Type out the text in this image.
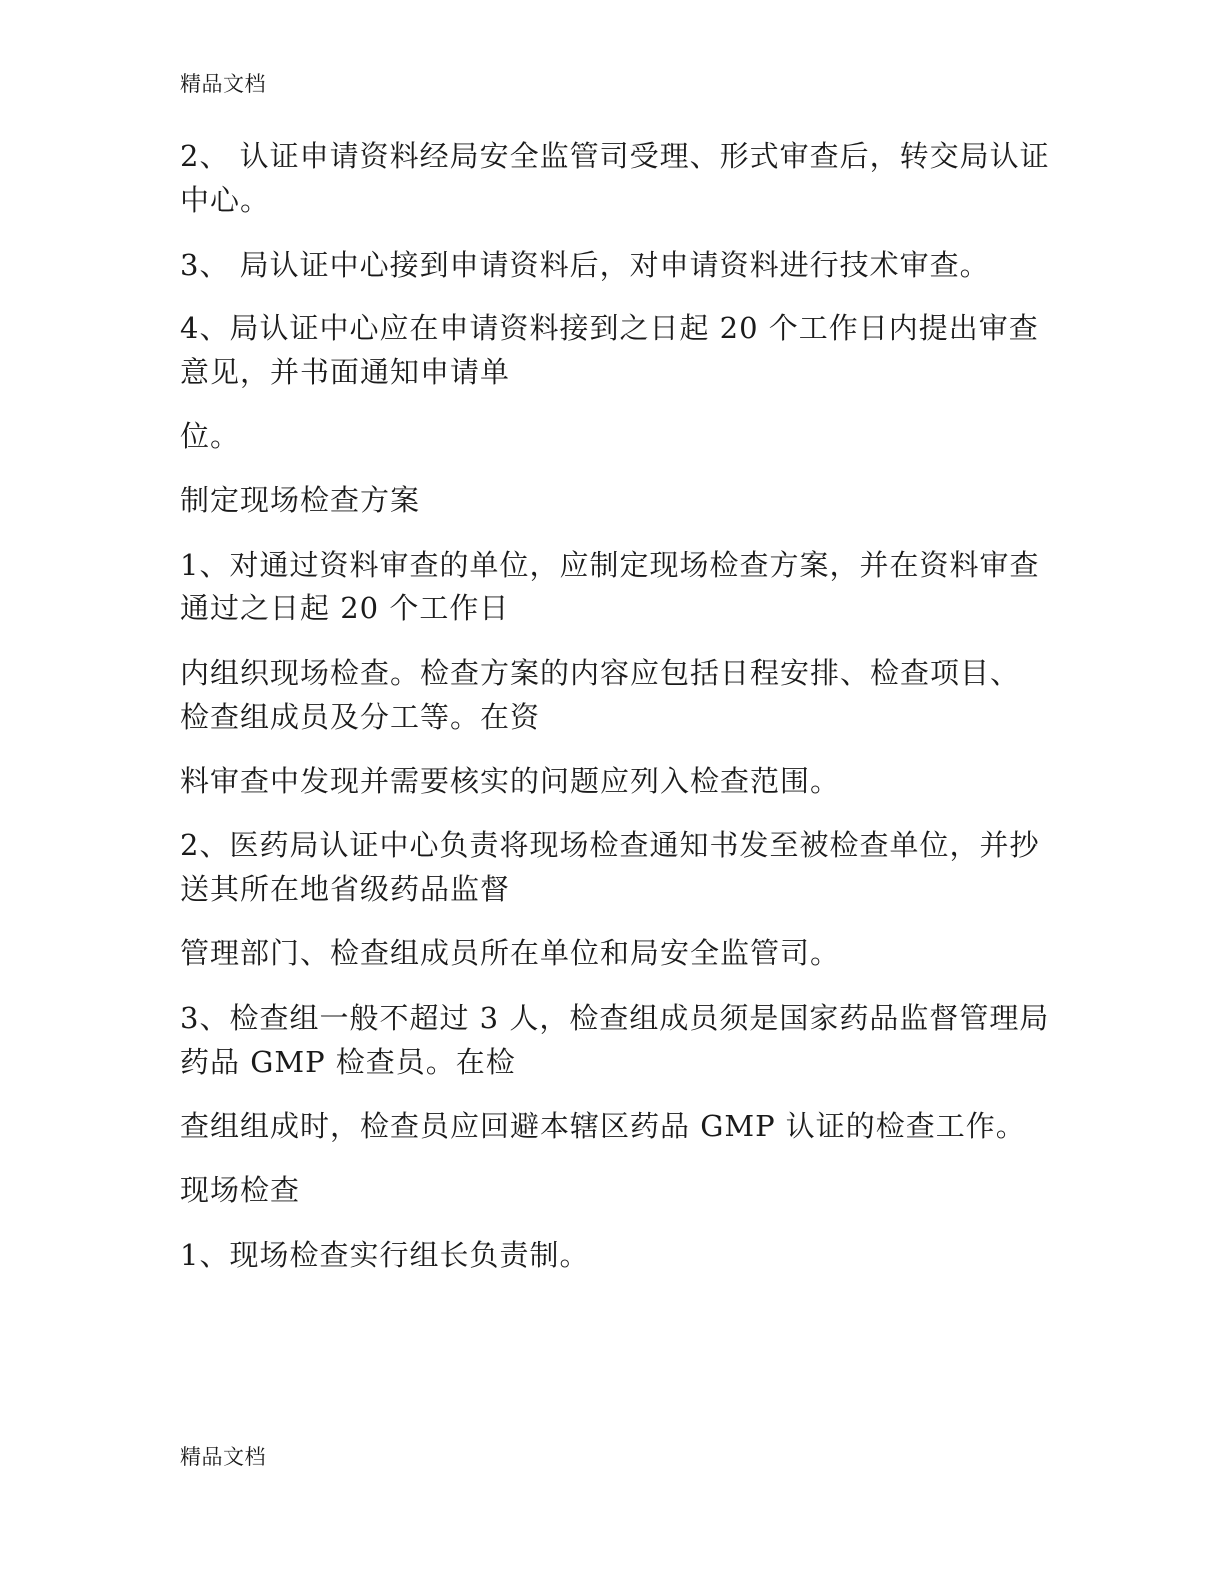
精品文档
2、 认证申请资料经局安全监管司受理、形式审查后，转交局认证
中心。
3、 局认证中心接到申请资料后，对申请资料进行技术审查。
4、局认证中心应在申请资料接到之日起 20 个工作日内提出审查
意见，并书面通知申请单
位。
制定现场检查方案
1、对通过资料审查的单位，应制定现场检查方案，并在资料审查
通过之日起 20 个工作日
内组织现场检查。检查方案的内容应包括日程安排、检查项目、
检查组成员及分工等。在资
料审查中发现并需要核实的问题应列入检查范围。
2、医药局认证中心负责将现场检查通知书发至被检查单位，并抄
送其所在地省级药品监督
管理部门、检查组成员所在单位和局安全监管司。
3、检查组一般不超过 3 人，检查组成员须是国家药品监督管理局
药品 GMP 检查员。在检
查组组成时，检查员应回避本辖区药品 GMP 认证的检查工作。
现场检查
1、现场检查实行组长负责制。
精品文档
